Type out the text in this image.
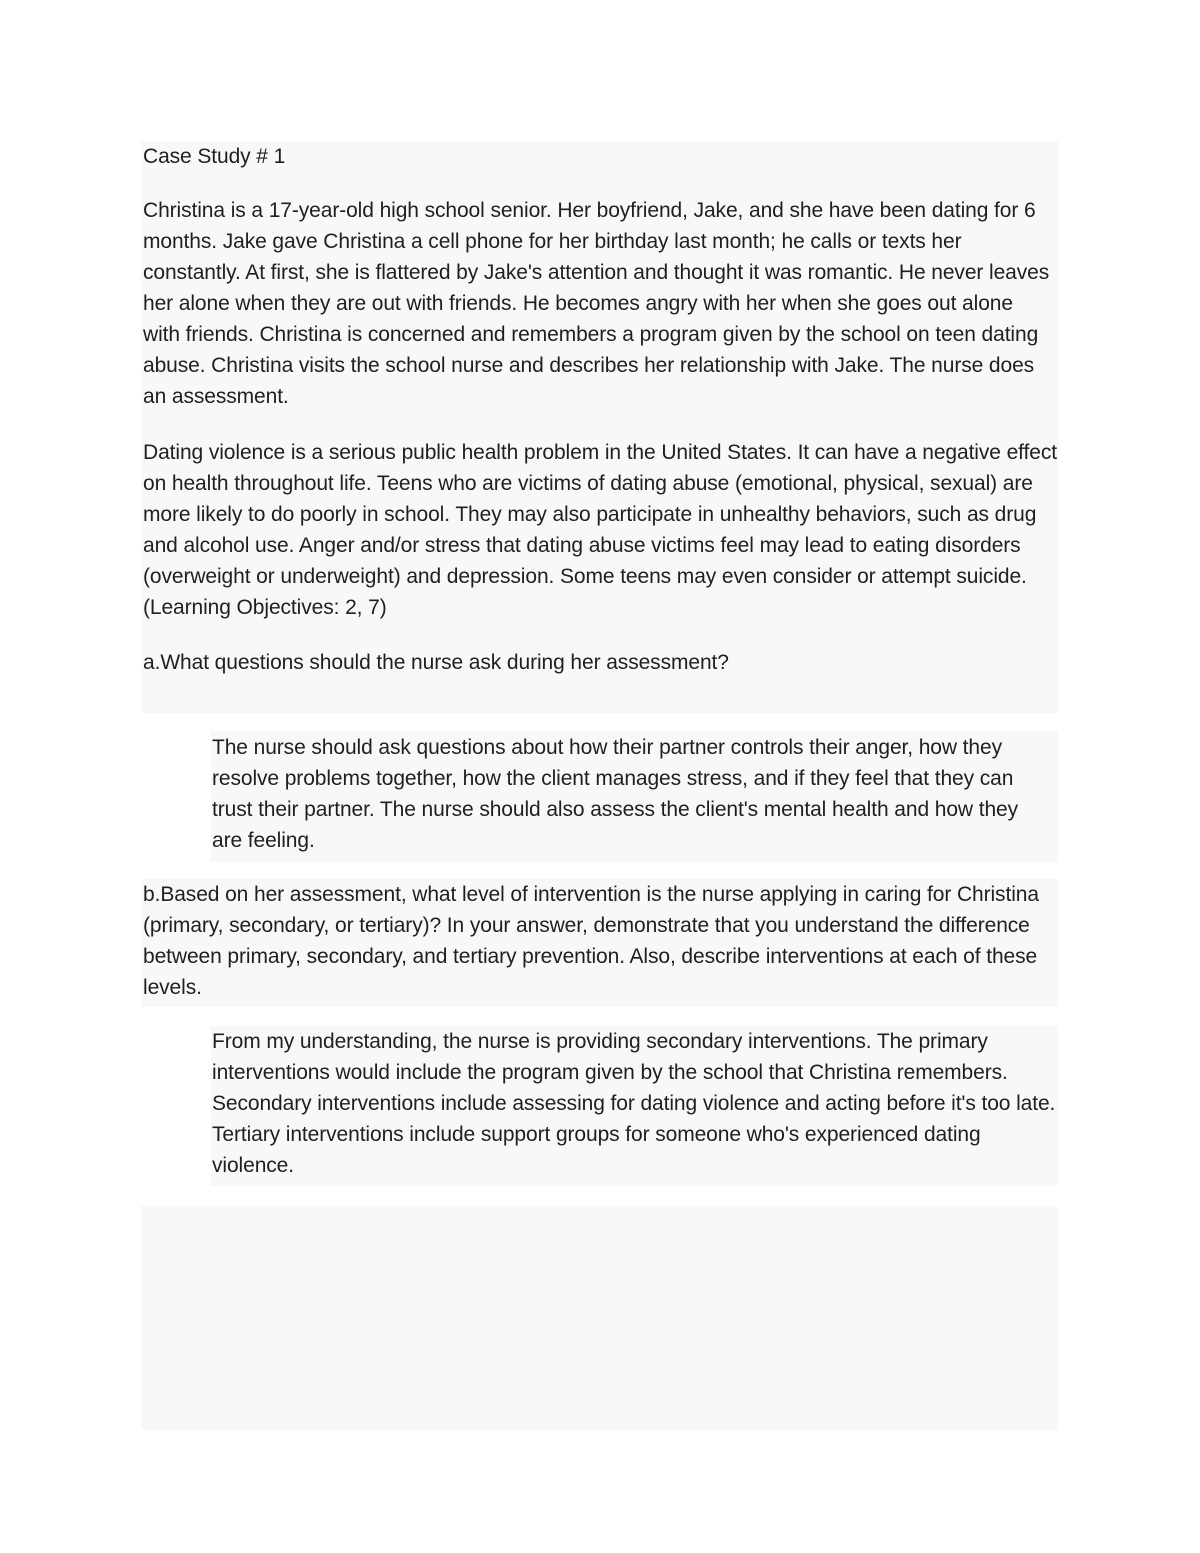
Case Study # 1

Christina is a 17-year-old high school senior. Her boyfriend, Jake, and she have been dating for 6 months. Jake gave Christina a cell phone for her birthday last month; he calls or texts her constantly. At first, she is flattered by Jake's attention and thought it was romantic. He never leaves her alone when they are out with friends. He becomes angry with her when she goes out alone with friends. Christina is concerned and remembers a program given by the school on teen dating abuse. Christina visits the school nurse and describes her relationship with Jake. The nurse does an assessment.

Dating violence is a serious public health problem in the United States. It can have a negative effect on health throughout life. Teens who are victims of dating abuse (emotional, physical, sexual) are more likely to do poorly in school. They may also participate in unhealthy behaviors, such as drug and alcohol use. Anger and/or stress that dating abuse victims feel may lead to eating disorders (overweight or underweight) and depression. Some teens may even consider or attempt suicide. (Learning Objectives: 2, 7)

a.What questions should the nurse ask during her assessment?

The nurse should ask questions about how their partner controls their anger, how they resolve problems together, how the client manages stress, and if they feel that they can trust their partner. The nurse should also assess the client's mental health and how they are feeling.

b.Based on her assessment, what level of intervention is the nurse applying in caring for Christina (primary, secondary, or tertiary)? In your answer, demonstrate that you understand the difference between primary, secondary, and tertiary prevention. Also, describe interventions at each of these levels.

From my understanding, the nurse is providing secondary interventions. The primary interventions would include the program given by the school that Christina remembers. Secondary interventions include assessing for dating violence and acting before it's too late. Tertiary interventions include support groups for someone who's experienced dating violence.
